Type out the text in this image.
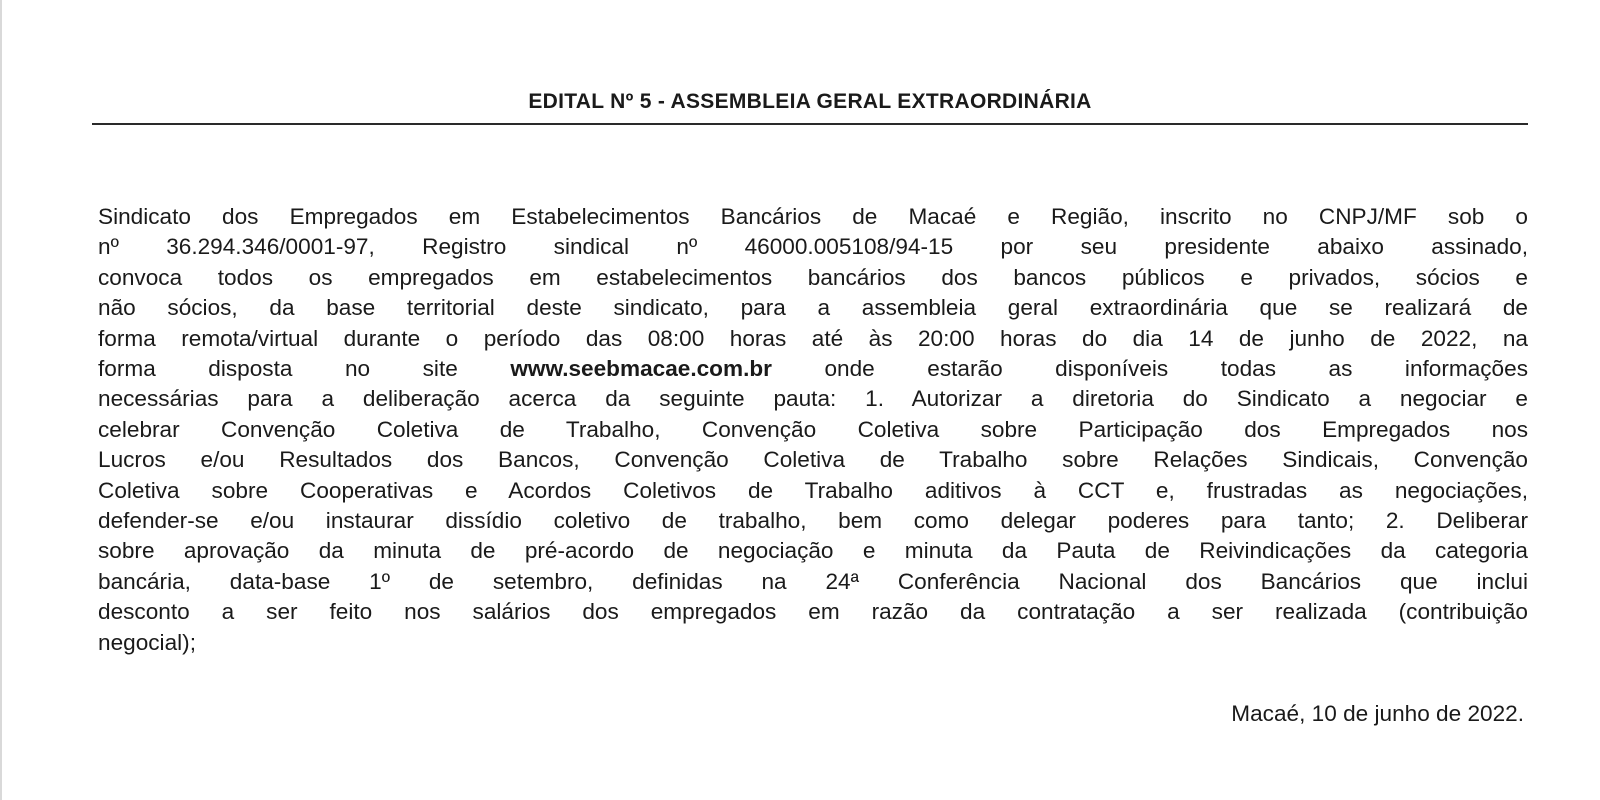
EDITAL Nº 5 - ASSEMBLEIA GERAL EXTRAORDINÁRIA
Sindicato dos Empregados em Estabelecimentos Bancários de Macaé e Região, inscrito no CNPJ/MF sob o
nº 36.294.346/0001-97, Registro sindical nº 46000.005108/94-15 por seu presidente abaixo assinado,
convoca todos os empregados em estabelecimentos bancários dos bancos públicos e privados, sócios e
não sócios, da base territorial deste sindicato, para a assembleia geral extraordinária que se realizará de
forma remota/virtual durante o período das 08:00 horas até às 20:00 horas do dia 14 de junho de 2022, na
forma disposta no site www.seebmacae.com.br onde estarão disponíveis todas as informações
necessárias para a deliberação acerca da seguinte pauta: 1. Autorizar a diretoria do Sindicato a negociar e
celebrar Convenção Coletiva de Trabalho, Convenção Coletiva sobre Participação dos Empregados nos
Lucros e/ou Resultados dos Bancos, Convenção Coletiva de Trabalho sobre Relações Sindicais, Convenção
Coletiva sobre Cooperativas e Acordos Coletivos de Trabalho aditivos à CCT e, frustradas as negociações,
defender-se e/ou instaurar dissídio coletivo de trabalho, bem como delegar poderes para tanto; 2. Deliberar
sobre aprovação da minuta de pré-acordo de negociação e minuta da Pauta de Reivindicações da categoria
bancária, data-base 1º de setembro, definidas na 24ª Conferência Nacional dos Bancários que inclui
desconto a ser feito nos salários dos empregados em razão da contratação a ser realizada (contribuição
negocial);
Macaé, 10 de junho de 2022.
